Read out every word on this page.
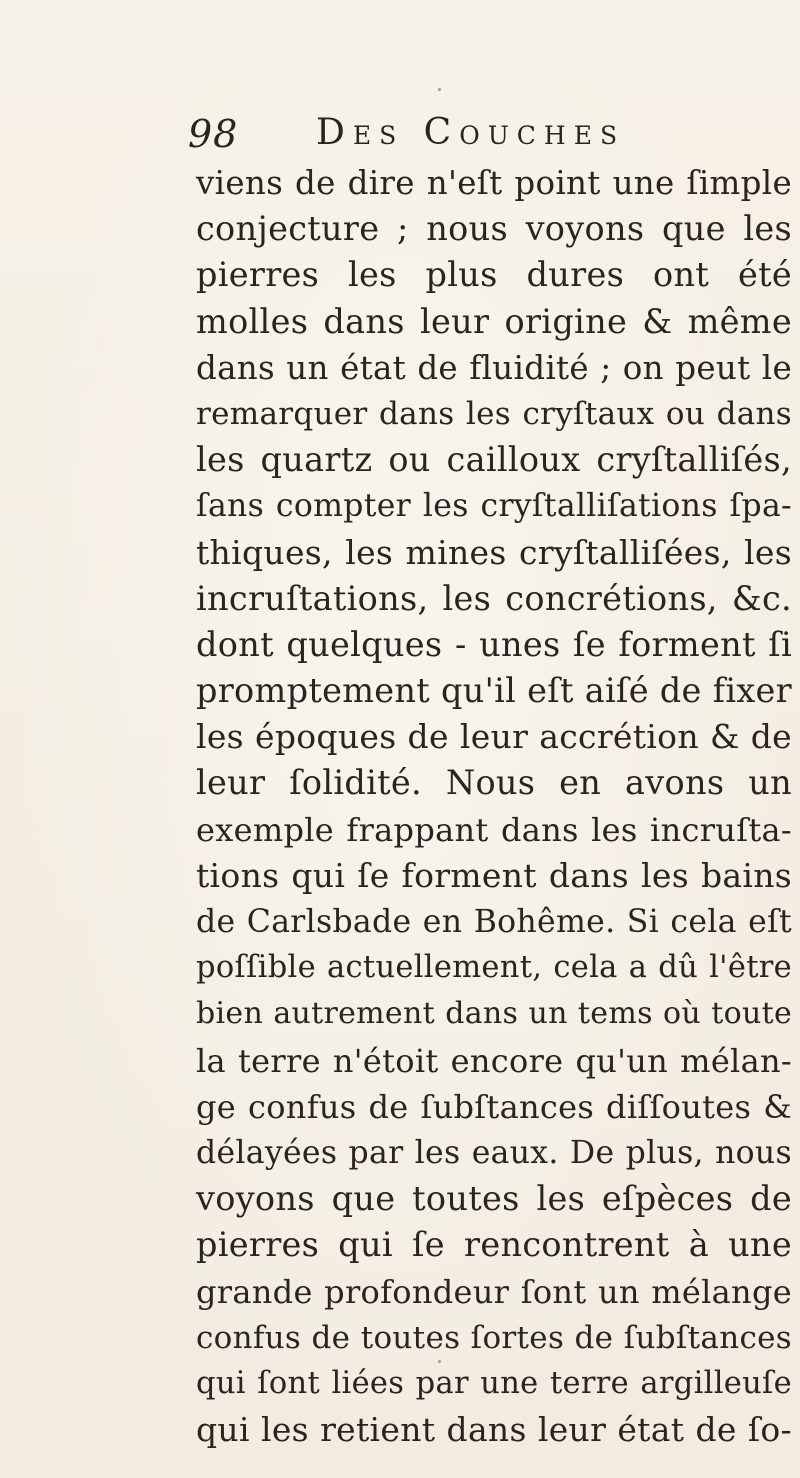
98 Des Couches
viens de dire n'eſt point une ſimple
conjecture ; nous voyons que les
pierres les plus dures ont été
molles dans leur origine & même
dans un état de fluidité ; on peut le
remarquer dans les cryſtaux ou dans
les quartz ou cailloux cryſtalliſés,
ſans compter les cryſtalliſations ſpa-
thiques, les mines cryſtalliſées, les
incruſtations, les concrétions, &c.
dont quelques - unes ſe forment ſi
promptement qu'il eſt aiſé de fixer
les époques de leur accrétion & de
leur ſolidité. Nous en avons un
exemple frappant dans les incruſta-
tions qui ſe forment dans les bains
de Carlsbade en Bohême. Si cela eſt
poſſible actuellement, cela a dû l'être
bien autrement dans un tems où toute
la terre n'étoit encore qu'un mélan-
ge confus de ſubſtances diſſoutes &
délayées par les eaux. De plus, nous
voyons que toutes les eſpèces de
pierres qui ſe rencontrent à une
grande profondeur ſont un mélange
confus de toutes ſortes de ſubſtances
qui ſont liées par une terre argilleuſe
qui les retient dans leur état de ſo-
